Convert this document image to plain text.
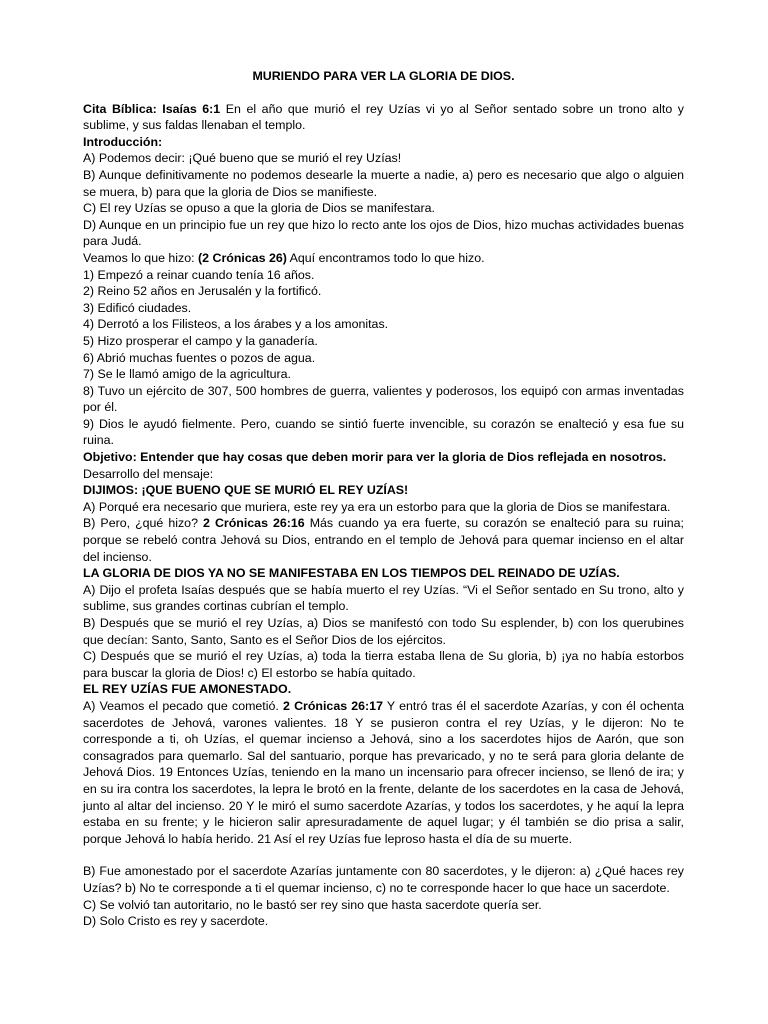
MURIENDO PARA VER LA GLORIA DE DIOS.

Cita Bíblica: Isaías 6:1 En el año que murió el rey Uzías vi yo al Señor sentado sobre un trono alto y sublime, y sus faldas llenaban el templo.

Introducción:

A) Podemos decir: ¡Qué bueno que se murió el rey Uzías!

B) Aunque definitivamente no podemos desearle la muerte a nadie, a) pero es necesario que algo o alguien se muera, b) para que la gloria de Dios se manifieste.

C) El rey Uzías se opuso a que la gloria de Dios se manifestara.

D) Aunque en un principio fue un rey que hizo lo recto ante los ojos de Dios, hizo muchas actividades buenas para Judá.

Veamos lo que hizo: (2 Crónicas 26) Aquí encontramos todo lo que hizo.

1) Empezó a reinar cuando tenía 16 años.

2) Reino 52 años en Jerusalén y la fortificó.

3) Edificó ciudades.

4) Derrotó a los Filisteos, a los árabes y a los amonitas.

5) Hizo prosperar el campo y la ganadería.

6) Abrió muchas fuentes o pozos de agua.

7) Se le llamó amigo de la agricultura.

8) Tuvo un ejército de 307, 500 hombres de guerra, valientes y poderosos, los equipó con armas inventadas por él.

9) Dios le ayudó fielmente. Pero, cuando se sintió fuerte invencible, su corazón se enalteció y esa fue su ruina.

Objetivo: Entender que hay cosas que deben morir para ver la gloria de Dios reflejada en nosotros.

Desarrollo del mensaje:

DIJIMOS: ¡QUE BUENO QUE SE MURIÓ EL REY UZÍAS!

A) Porqué era necesario que muriera, este rey ya era un estorbo para que la gloria de Dios se manifestara.

B) Pero, ¿qué hizo? 2 Crónicas 26:16 Más cuando ya era fuerte, su corazón se enalteció para su ruina; porque se rebeló contra Jehová su Dios, entrando en el templo de Jehová para quemar incienso en el altar del incienso.

LA GLORIA DE DIOS YA NO SE MANIFESTABA EN LOS TIEMPOS DEL REINADO DE UZÍAS.

A) Dijo el profeta Isaías después que se había muerto el rey Uzías. “Vi el Señor sentado en Su trono, alto y sublime, sus grandes cortinas cubrían el templo.

B) Después que se murió el rey Uzías, a) Dios se manifestó con todo Su esplender, b) con los querubines que decían: Santo, Santo, Santo es el Señor Dios de los ejércitos.

C) Después que se murió el rey Uzías, a) toda la tierra estaba llena de Su gloria, b) ¡ya no había estorbos para buscar la gloria de Dios! c) El estorbo se había quitado.

EL REY UZÍAS FUE AMONESTADO.

A) Veamos el pecado que cometió. 2 Crónicas 26:17 Y entró tras él el sacerdote Azarías, y con él ochenta sacerdotes de Jehová, varones valientes. 18 Y se pusieron contra el rey Uzías, y le dijeron: No te corresponde a ti, oh Uzías, el quemar incienso a Jehová, sino a los sacerdotes hijos de Aarón, que son consagrados para quemarlo. Sal del santuario, porque has prevaricado, y no te será para gloria delante de Jehová Dios. 19 Entonces Uzías, teniendo en la mano un incensario para ofrecer incienso, se llenó de ira; y en su ira contra los sacerdotes, la lepra le brotó en la frente, delante de los sacerdotes en la casa de Jehová, junto al altar del incienso. 20 Y le miró el sumo sacerdote Azarías, y todos los sacerdotes, y he aquí la lepra estaba en su frente; y le hicieron salir apresuradamente de aquel lugar; y él también se dio prisa a salir, porque Jehová lo había herido. 21 Así el rey Uzías fue leproso hasta el día de su muerte.

B) Fue amonestado por el sacerdote Azarías juntamente con 80 sacerdotes, y le dijeron: a) ¿Qué haces rey Uzías? b) No te corresponde a ti el quemar incienso, c) no te corresponde hacer lo que hace un sacerdote.

C) Se volvió tan autoritario, no le bastó ser rey sino que hasta sacerdote quería ser.

D) Solo Cristo es rey y sacerdote.
